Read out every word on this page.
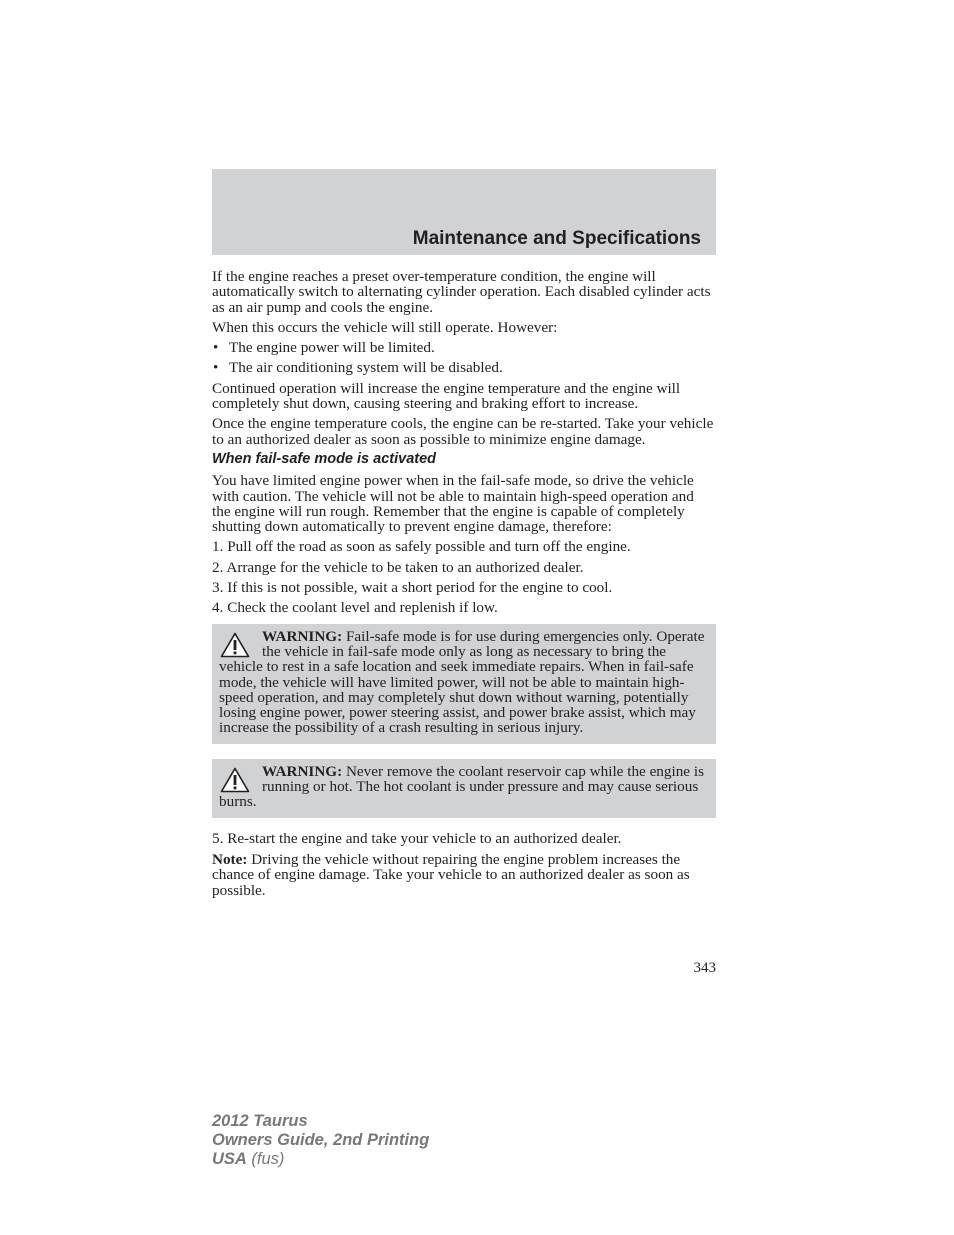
Maintenance and Specifications

If the engine reaches a preset over-temperature condition, the engine will automatically switch to alternating cylinder operation. Each disabled cylinder acts as an air pump and cools the engine.

When this occurs the vehicle will still operate. However:

• The engine power will be limited.
• The air conditioning system will be disabled.

Continued operation will increase the engine temperature and the engine will completely shut down, causing steering and braking effort to increase.

Once the engine temperature cools, the engine can be re-started. Take your vehicle to an authorized dealer as soon as possible to minimize engine damage.

When fail-safe mode is activated

You have limited engine power when in the fail-safe mode, so drive the vehicle with caution. The vehicle will not be able to maintain high-speed operation and the engine will run rough. Remember that the engine is capable of completely shutting down automatically to prevent engine damage, therefore:

1. Pull off the road as soon as safely possible and turn off the engine.
2. Arrange for the vehicle to be taken to an authorized dealer.
3. If this is not possible, wait a short period for the engine to cool.
4. Check the coolant level and replenish if low.
WARNING: Fail-safe mode is for use during emergencies only. Operate the vehicle in fail-safe mode only as long as necessary to bring the vehicle to rest in a safe location and seek immediate repairs. When in fail-safe mode, the vehicle will have limited power, will not be able to maintain high-speed operation, and may completely shut down without warning, potentially losing engine power, power steering assist, and power brake assist, which may increase the possibility of a crash resulting in serious injury.
WARNING: Never remove the coolant reservoir cap while the engine is running or hot. The hot coolant is under pressure and may cause serious burns.

5. Re-start the engine and take your vehicle to an authorized dealer.

Note: Driving the vehicle without repairing the engine problem increases the chance of engine damage. Take your vehicle to an authorized dealer as soon as possible.

343
2012 Taurus
Owners Guide, 2nd Printing
USA (fus)
